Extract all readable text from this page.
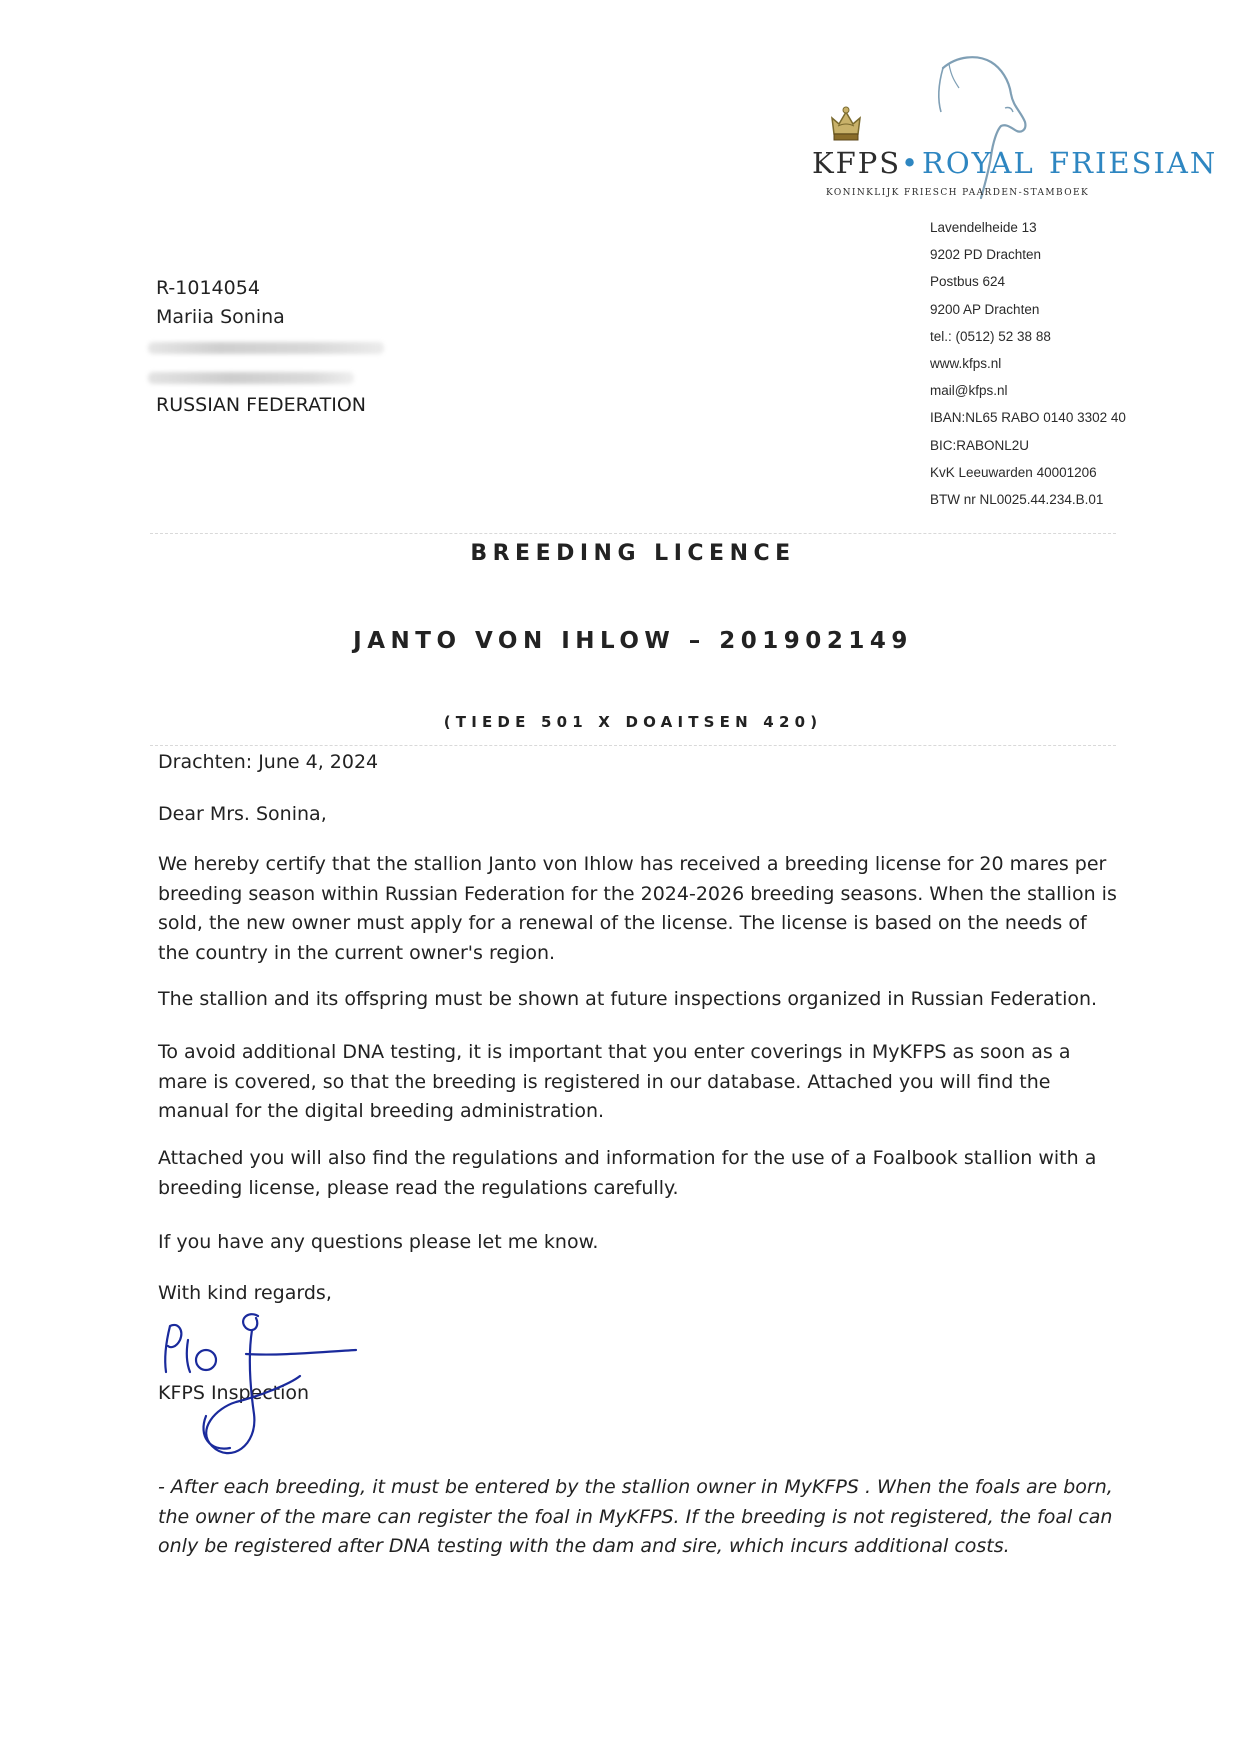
KFPS • ROYAL FRIESIAN
KONINKLIJK FRIESCH PAARDEN-STAMBOEK
Lavendelheide 13
9202 PD Drachten
Postbus 624
9200 AP Drachten
tel.: (0512) 52 38 88
www.kfps.nl
mail@kfps.nl
IBAN:NL65 RABO 0140 3302 40
BIC:RABONL2U
KvK Leeuwarden 40001206
BTW nr NL0025.44.234.B.01
R-1014054
Mariia Sonina
RUSSIAN FEDERATION
BREEDING LICENCE
JANTO VON IHLOW – 201902149
(TIEDE 501 X DOAITSEN 420)

Drachten: June 4, 2024

Dear Mrs. Sonina,

We hereby certify that the stallion Janto von Ihlow has received a breeding license for 20 mares per breeding season within Russian Federation for the 2024-2026 breeding seasons. When the stallion is sold, the new owner must apply for a renewal of the license. The license is based on the needs of the country in the current owner's region.

The stallion and its offspring must be shown at future inspections organized in Russian Federation.

To avoid additional DNA testing, it is important that you enter coverings in MyKFPS as soon as a mare is covered, so that the breeding is registered in our database. Attached you will find the manual for the digital breeding administration.

Attached you will also find the regulations and information for the use of a Foalbook stallion with a breeding license, please read the regulations carefully.

If you have any questions please let me know.

With kind regards,

KFPS Inspection

- After each breeding, it must be entered by the stallion owner in MyKFPS . When the foals are born, the owner of the mare can register the foal in MyKFPS. If the breeding is not registered, the foal can only be registered after DNA testing with the dam and sire, which incurs additional costs.
